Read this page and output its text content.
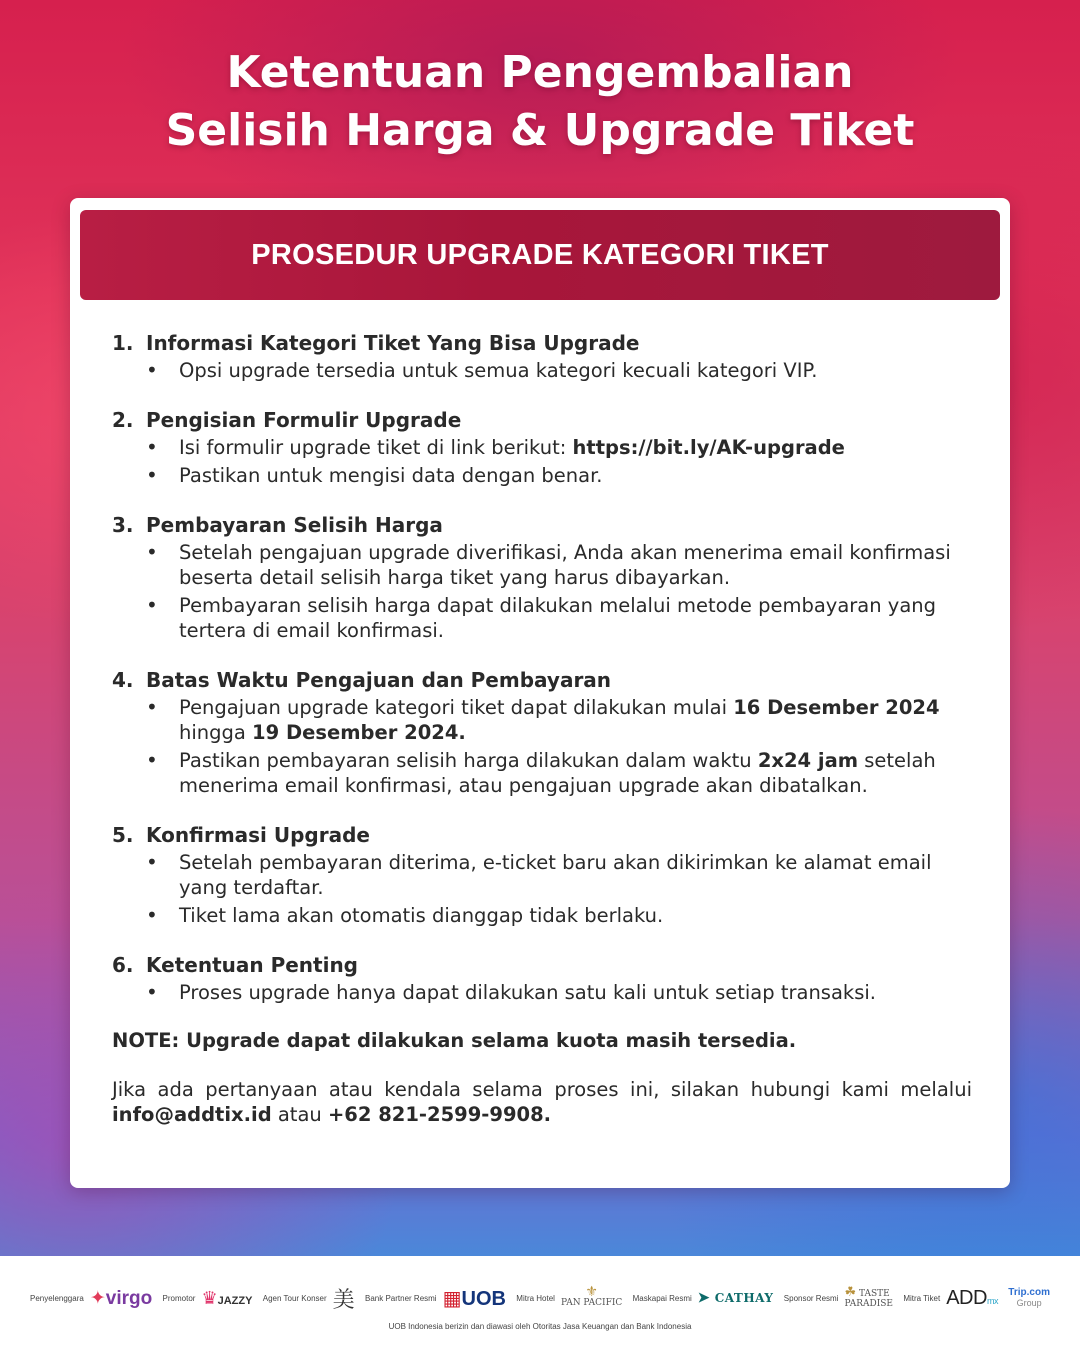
Ketentuan Pengembalian
Selisih Harga & Upgrade Tiket
PROSEDUR UPGRADE KATEGORI TIKET
1. Informasi Kategori Tiket Yang Bisa Upgrade
• Opsi upgrade tersedia untuk semua kategori kecuali kategori VIP.
2. Pengisian Formulir Upgrade
• Isi formulir upgrade tiket di link berikut: https://bit.ly/AK-upgrade
• Pastikan untuk mengisi data dengan benar.
3. Pembayaran Selisih Harga
• Setelah pengajuan upgrade diverifikasi, Anda akan menerima email konfirmasi beserta detail selisih harga tiket yang harus dibayarkan.
• Pembayaran selisih harga dapat dilakukan melalui metode pembayaran yang tertera di email konfirmasi.
4. Batas Waktu Pengajuan dan Pembayaran
• Pengajuan upgrade kategori tiket dapat dilakukan mulai 16 Desember 2024 hingga 19 Desember 2024.
• Pastikan pembayaran selisih harga dilakukan dalam waktu 2x24 jam setelah menerima email konfirmasi, atau pengajuan upgrade akan dibatalkan.
5. Konfirmasi Upgrade
• Setelah pembayaran diterima, e-ticket baru akan dikirimkan ke alamat email yang terdaftar.
• Tiket lama akan otomatis dianggap tidak berlaku.
6. Ketentuan Penting
• Proses upgrade hanya dapat dilakukan satu kali untuk setiap transaksi.
NOTE: Upgrade dapat dilakukan selama kuota masih tersedia.
Jika ada pertanyaan atau kendala selama proses ini, silakan hubungi kami melalui info@addtix.id atau +62 821-2599-9908.
Penyelenggara ✦virgo Promotor ♛JAZZY Agen Tour Konser 美 Bank Partner Resmi ▦UOB Mitra Hotel	⚜
PAN PACIFIC Maskapai Resmi ➤ CATHAY Sponsor Resmi ☘ TASTE
PARADISE
Mitra Tiket ADDmx
Trip.com
Group
UOB Indonesia berizin dan diawasi oleh Otoritas Jasa Keuangan dan Bank Indonesia
